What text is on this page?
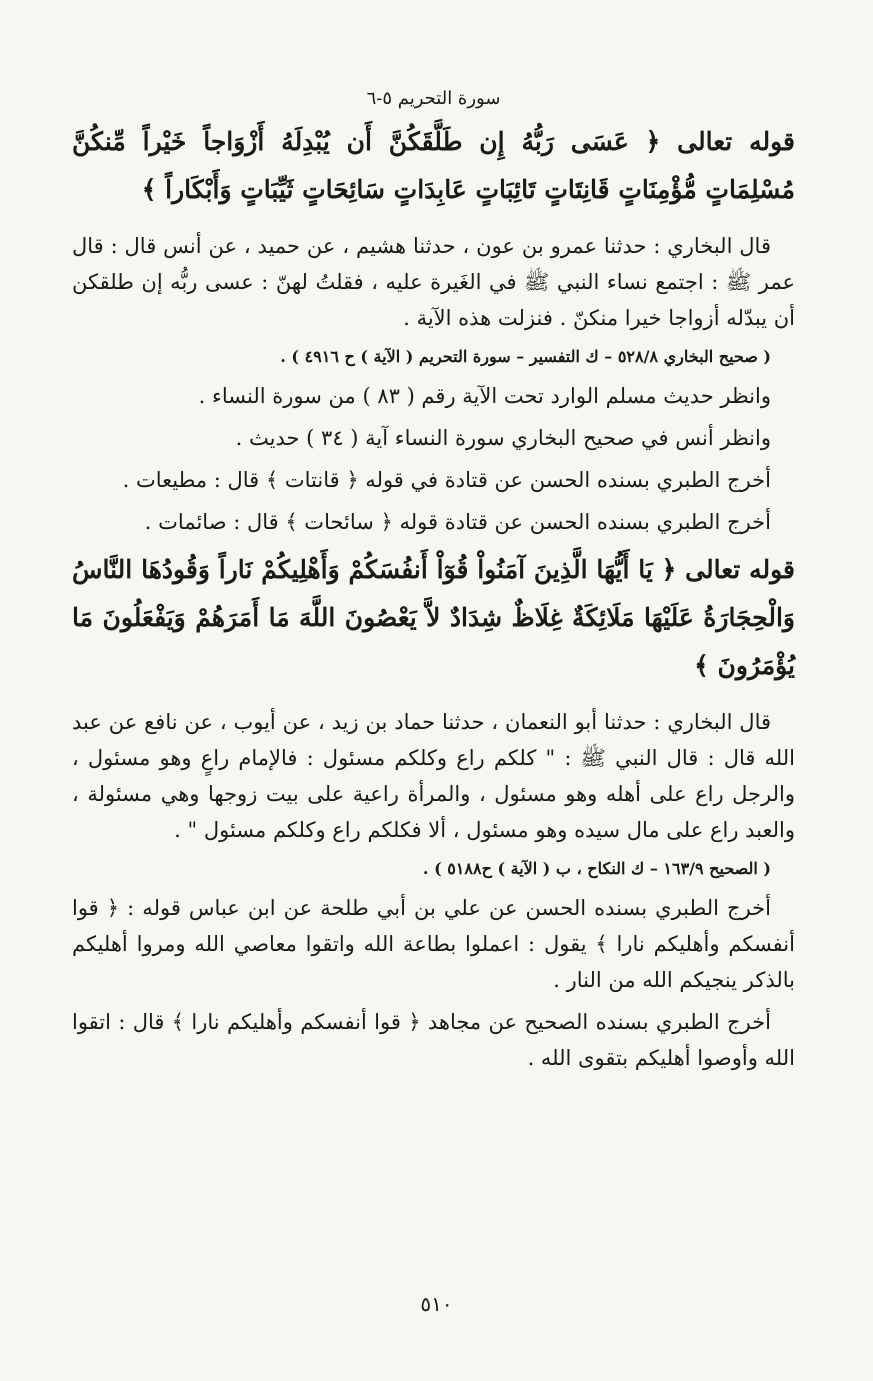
سورة التحريم ٥-٦

قوله تعالى ﴿ عَسَى رَبُّهُ إِن طَلَّقَكُنَّ أَن يُبْدِلَهُ أَزْوَاجاً خَيْراً مِّنكُنَّ مُسْلِمَاتٍ مُّؤْمِنَاتٍ قَانِتَاتٍ تَائِبَاتٍ عَابِدَاتٍ سَائِحَاتٍ ثَيِّبَاتٍ وَأَبْكَاراً ﴾

قال البخاري : حدثنا عمرو بن عون ، حدثنا هشيم ، عن حميد ، عن أنس قال : قال عمر ﷺ : اجتمع نساء النبي ﷺ في الغَيرة عليه ، فقلتُ لهنّ : عسى ربُّه إن طلقكن أن يبدّله أزواجا خيرا منكنّ . فنزلت هذه الآية .

( صحيح البخاري ٥٢٨/٨ – ك التفسير – سورة التحريم ( الآية ) ح ٤٩١٦ ) .

وانظر حديث مسلم الوارد تحت الآية رقم ( ٨٣ ) من سورة النساء .

وانظر أنس في صحيح البخاري سورة النساء آية ( ٣٤ ) حديث .

أخرج الطبري بسنده الحسن عن قتادة في قوله ﴿ قانتات ﴾ قال : مطيعات .

أخرج الطبري بسنده الحسن عن قتادة قوله ﴿ سائحات ﴾ قال : صائمات .

قوله تعالى ﴿ يَا أَيُّهَا الَّذِينَ آمَنُواْ قُوٓاْ أَنفُسَكُمْ وَأَهْلِيكُمْ نَاراً وَقُودُهَا النَّاسُ وَالْحِجَارَةُ عَلَيْهَا مَلَائِكَةٌ غِلَاظٌ شِدَادٌ لاَّ يَعْصُونَ اللَّهَ مَا أَمَرَهُمْ وَيَفْعَلُونَ مَا يُؤْمَرُونَ ﴾

قال البخاري : حدثنا أبو النعمان ، حدثنا حماد بن زيد ، عن أيوب ، عن نافع عن عبد الله قال : قال النبي ﷺ : " كلكم راع وكلكم مسئول : فالإمام راعٍ وهو مسئول ، والرجل راع على أهله وهو مسئول ، والمرأة راعية على بيت زوجها وهي مسئولة ، والعبد راع على مال سيده وهو مسئول ، ألا فكلكم راع وكلكم مسئول " .

( الصحيح ١٦٣/٩ – ك النكاح ، ب ( الآية ) ح٥١٨٨ ) .

أخرج الطبري بسنده الحسن عن علي بن أبي طلحة عن ابن عباس قوله : ﴿ قوا أنفسكم وأهليكم نارا ﴾ يقول : اعملوا بطاعة الله واتقوا معاصي الله ومروا أهليكم بالذكر ينجيكم الله من النار .

أخرج الطبري بسنده الصحيح عن مجاهد ﴿ قوا أنفسكم وأهليكم نارا ﴾ قال : اتقوا الله وأوصوا أهليكم بتقوى الله .

٥١٠
